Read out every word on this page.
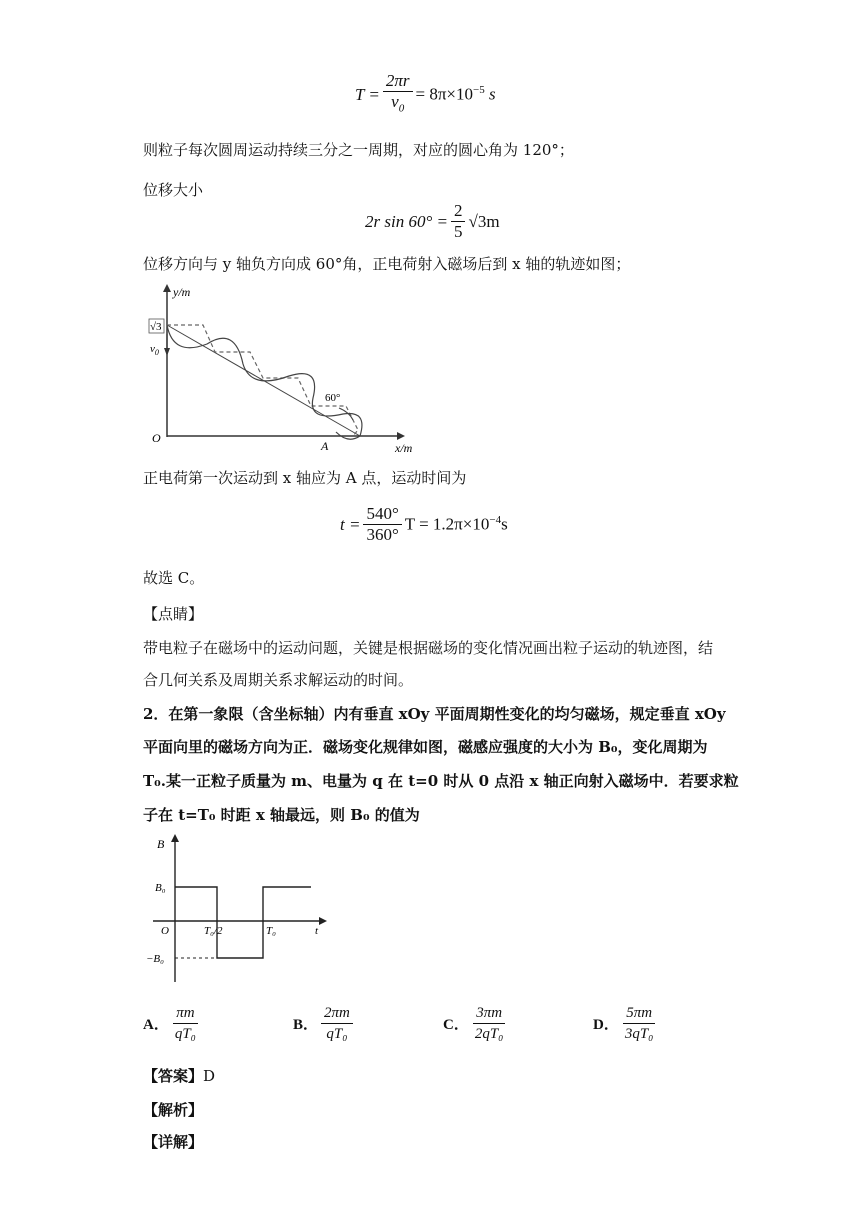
$T = \frac{2\pi r}{v_0} = 8\pi\times 10^{-5}$ s
则粒子每次圆周运动持续三分之一周期，对应的圆心角为 120°；
位移大小
2r $\sin 60^\circ = \frac{2}{5} √3m$
位移方向与 y 轴负方向成 60°角，正电荷射入磁场后到 x 轴的轨迹如图；
y/m
x/m
O
√3
$v_0$
60°
A
正电荷第一次运动到 x 轴应为 A 点，运动时间为
$t = \frac{540^\circ}{360^\circ}$ $T = 1.2\pi\times 10^{-4}s$
故选 C。
【点睛】
带电粒子在磁场中的运动问题，关键是根据磁场的变化情况画出粒子运动的轨迹图，结
合几何关系及周期关系求解运动的时间。
2．在第一象限（含坐标轴）内有垂直 xOy 平面周期性变化的均匀磁场，规定垂直 xOy
平面向里的磁场方向为正．磁场变化规律如图，磁感应强度的大小为 B₀，变化周期为
T₀.某一正粒子质量为 m、电量为 q 在 t=0 时从 0 点沿 x 轴正向射入磁场中．若要求粒
子在 t=T₀ 时距 x 轴最远，则 B₀ 的值为
B
B₀
−B₀
O	T₀/2	T₀	t
A． $\frac{\pi m}{\text{qT₀}}$	B． $\frac{2\pi m}{\text{qT₀}}$	C． $\frac{3\pi m}{\text{2qT₀}}$	D． $\frac{5\pi m}{\text{3qT₀}}$
【答案】D
【解析】
【详解】
